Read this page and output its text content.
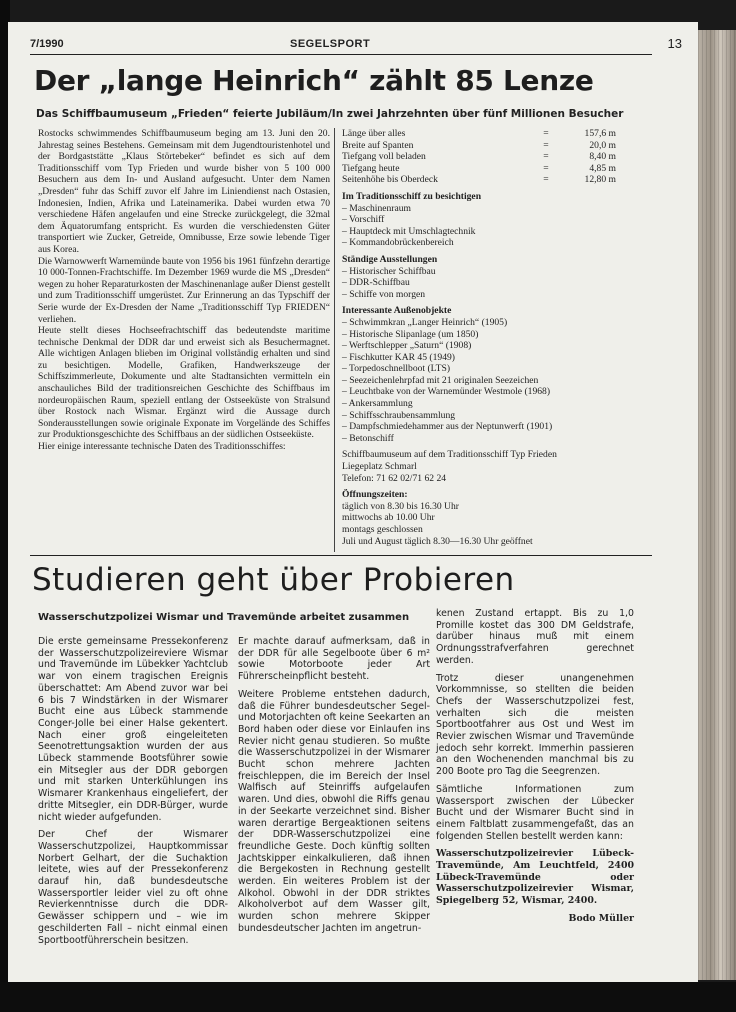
7/1990	SEGELSPORT	13
Der „lange Heinrich“ zählt 85 Lenze
Das Schiffbaumuseum „Frieden“ feierte Jubiläum/In zwei Jahrzehnten über fünf Millionen Besucher

Rostocks schwimmendes Schiffbaumuseum beging am 13. Juni den 20. Jahrestag seines Bestehens. Gemeinsam mit dem Jugendtouristenhotel und der Bordgaststätte „Klaus Störtebeker“ befindet es sich auf dem Traditionsschiff vom Typ Frieden und wurde bisher von 5 100 000 Besuchern aus dem In- und Ausland aufgesucht. Unter dem Namen „Dresden“ fuhr das Schiff zuvor elf Jahre im Liniendienst nach Ostasien, Indonesien, Indien, Afrika und Lateinamerika. Dabei wurden etwa 70 verschiedene Häfen angelaufen und eine Strecke zurückgelegt, die 32mal dem Äquatorumfang entspricht. Es wurden die verschiedensten Güter transportiert wie Zucker, Getreide, Omnibusse, Erze sowie lebende Tiger aus Korea.

Die Warnowwerft Warnemünde baute von 1956 bis 1961 fünfzehn derartige 10 000-Tonnen-Frachtschiffe. Im Dezember 1969 wurde die MS „Dresden“ wegen zu hoher Reparaturkosten der Maschinenanlage außer Dienst gestellt und zum Traditionsschiff umgerüstet. Zur Erinnerung an das Typschiff der Serie wurde der Ex-Dresden der Name „Traditionsschiff Typ FRIEDEN“ verliehen.

Heute stellt dieses Hochseefrachtschiff das bedeutendste maritime technische Denkmal der DDR dar und erweist sich als Besuchermagnet. Alle wichtigen Anlagen blieben im Original vollständig erhalten und sind zu besichtigen. Modelle, Grafiken, Handwerkszeuge der Schiffszimmerleute, Dokumente und alte Stadtansichten vermitteln ein anschauliches Bild der traditionsreichen Geschichte des Schiffbaus im nordeuropäischen Raum, speziell entlang der Ostseeküste von Stralsund über Rostock nach Wismar. Ergänzt wird die Aussage durch Sonderausstellungen sowie originale Exponate im Vorgelände des Schiffes zur Produktionsgeschichte des Schiffbaus an der südlichen Ostseeküste.

Hier einige interessante technische Daten des Traditionsschiffes:

Länge über alles	=	157,6 m
Breite auf Spanten	=	20,0 m
Tiefgang voll beladen	=	8,40 m
Tiefgang heute	=	4,85 m
Seitenhöhe bis Oberdeck	=	12,80 m
Im Traditionsschiff zu besichtigen
– Maschinenraum
– Vorschiff
– Hauptdeck mit Umschlagtechnik
– Kommandobrückenbereich
Ständige Ausstellungen
– Historischer Schiffbau
– DDR-Schiffbau
– Schiffe von morgen
Interessante Außenobjekte
– Schwimmkran „Langer Heinrich“ (1905)
– Historische Slipanlage (um 1850)
– Werftschlepper „Saturn“ (1908)
– Fischkutter KAR 45 (1949)
– Torpedoschnellboot (LTS)
– Seezeichenlehrpfad mit 21 originalen Seezeichen
– Leuchtbake von der Warnemünder Westmole (1968)
– Ankersammlung
– Schiffsschraubensammlung
– Dampfschmiedehammer aus der Neptunwerft (1901)
– Betonschiff
Schiffbaumuseum auf dem Traditionsschiff Typ Frieden
Liegeplatz Schmarl
Telefon: 71 62 02/71 62 24
Öffnungszeiten:
täglich von 8.30 bis 16.30 Uhr
mittwochs ab 10.00 Uhr
montags geschlossen
Juli und August täglich 8.30—16.30 Uhr geöffnet
Studieren geht über Probieren
Wasserschutzpolizei Wismar und Travemünde arbeitet zusammen

Die erste gemeinsame Pressekonferenz der Wasserschutzpolizeireviere Wismar und Travemünde im Lübekker Yachtclub war von einem tragischen Ereignis überschattet: Am Abend zuvor war bei 6 bis 7 Windstärken in der Wismarer Bucht eine aus Lübeck stammende Conger-Jolle bei einer Halse gekentert. Nach einer groß eingeleiteten Seenotrettungsaktion wurden der aus Lübeck stammende Bootsführer sowie ein Mitsegler aus der DDR geborgen und mit starken Unterkühlungen ins Wismarer Krankenhaus eingeliefert, der dritte Mitsegler, ein DDR-Bürger, wurde nicht wieder aufgefunden.

Der Chef der Wismarer Wasserschutzpolizei, Hauptkommissar Norbert Gelhart, der die Suchaktion leitete, wies auf der Pressekonferenz darauf hin, daß bundesdeutsche Wassersportler leider viel zu oft ohne Revierkenntnisse durch die DDR-Gewässer schippern und – wie im geschilderten Fall – nicht einmal einen Sportbootführerschein besitzen.

Er machte darauf aufmerksam, daß in der DDR für alle Segelboote über 6 m² sowie Motorboote jeder Art Führerscheinpflicht besteht.

Weitere Probleme entstehen dadurch, daß die Führer bundesdeutscher Segel- und Motorjachten oft keine Seekarten an Bord haben oder diese vor Einlaufen ins Revier nicht genau studieren. So mußte die Wasserschutzpolizei in der Wismarer Bucht schon mehrere Jachten freischleppen, die im Bereich der Insel Walfisch auf Steinriffs aufgelaufen waren. Und dies, obwohl die Riffs genau in der Seekarte verzeichnet sind. Bisher waren derartige Bergeaktionen seitens der DDR-Wasserschutzpolizei eine freundliche Geste. Doch künftig sollten Jachtskipper einkalkulieren, daß ihnen die Bergekosten in Rechnung gestellt werden. Ein weiteres Problem ist der Alkohol. Obwohl in der DDR striktes Alkoholverbot auf dem Wasser gilt, wurden schon mehrere Skipper bundesdeutscher Jachten im angetrun-

kenen Zustand ertappt. Bis zu 1,0 Promille kostet das 300 DM Geldstrafe, darüber hinaus muß mit einem Ordnungsstrafverfahren gerechnet werden.

Trotz dieser unangenehmen Vorkommnisse, so stellten die beiden Chefs der Wasserschutzpolizei fest, verhalten sich die meisten Sportbootfahrer aus Ost und West im Revier zwischen Wismar und Travemünde jedoch sehr korrekt. Immerhin passieren an den Wochenenden manchmal bis zu 200 Boote pro Tag die Seegrenzen.

Sämtliche Informationen zum Wassersport zwischen der Lübecker Bucht und der Wismarer Bucht sind in einem Faltblatt zusammengefaßt, das an folgenden Stellen bestellt werden kann:

Wasserschutzpolizeirevier Lübeck-Travemünde, Am Leuchtfeld, 2400 Lübeck-Travemünde oder Wasserschutzpolizeirevier Wismar, Spiegelberg 52, Wismar, 2400.

Bodo Müller
